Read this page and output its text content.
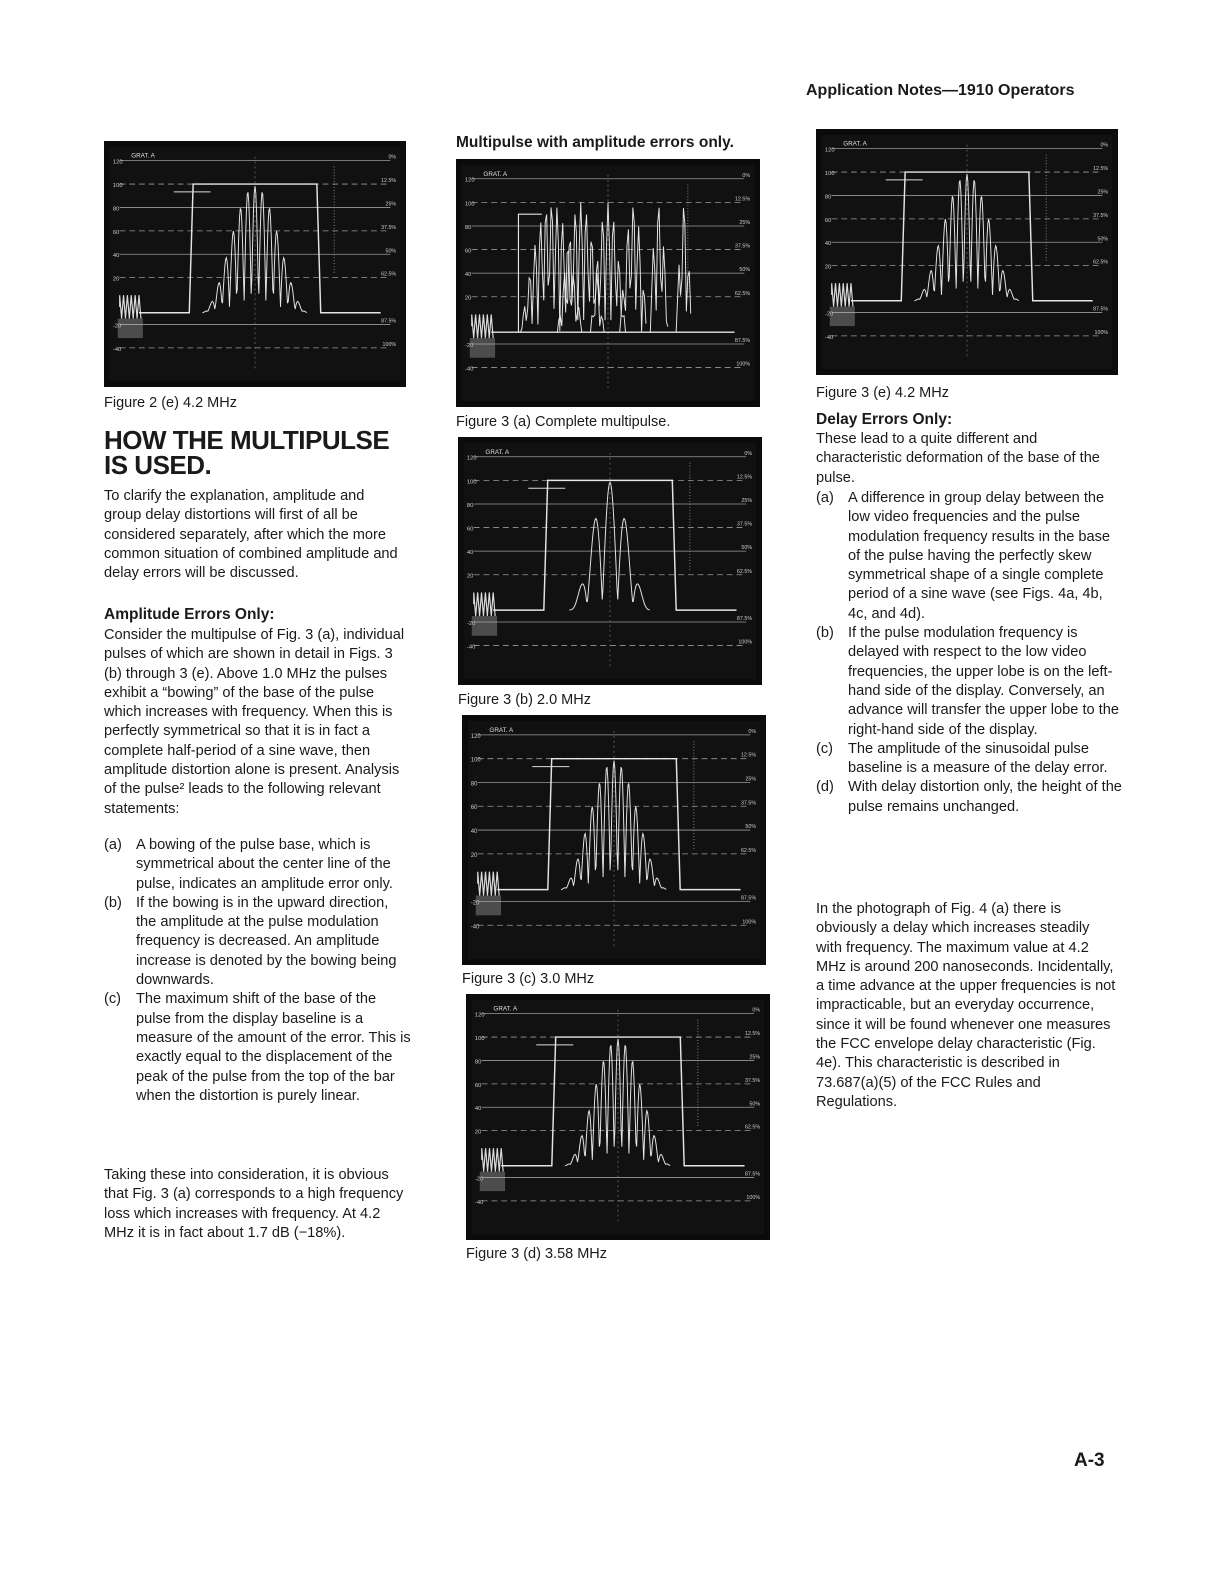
Application Notes—1910 Operators
120
0%
100
12.5%
80
25%
60
37.5%
40
50%
20
62.5%
-20
87.5%
-40
100%
GRAT. A
Figure 2 (e) 4.2 MHz
HOW THE MULTIPULSE IS USED.

To clarify the explanation, amplitude and group delay distortions will first of all be considered separately, after which the more common situation of combined amplitude and delay errors will be discussed.

Amplitude Errors Only:

Consider the multipulse of Fig. 3 (a), individual pulses of which are shown in detail in Figs. 3 (b) through 3 (e). Above 1.0 MHz the pulses exhibit a “bowing” of the base of the pulse which increases with frequency. When this is perfectly symmetrical so that it is in fact a complete half-period of a sine wave, then amplitude distortion alone is present. Analysis of the pulse² leads to the following relevant statements:

(a) A bowing of the pulse base, which is symmetrical about the center line of the pulse, indicates an amplitude error only.
(b) If the bowing is in the upward direction, the amplitude at the pulse modulation frequency is decreased. An amplitude increase is denoted by the bowing being downwards.
(c) The maximum shift of the base of the pulse from the display baseline is a measure of the amount of the error. This is exactly equal to the displacement of the peak of the pulse from the top of the bar when the distortion is purely linear.

Taking these into consideration, it is obvious that Fig. 3 (a) corresponds to a high frequency loss which increases with frequency. At 4.2 MHz it is in fact about 1.7 dB (−18%).

Multipulse with amplitude errors only.
120
0%
100
12.5%
80
25%
60
37.5%
40
50%
20
62.5%
-20
87.5%
-40
100%
GRAT. A
Figure 3 (a) Complete multipulse.
120
0%
100
12.5%
80
25%
60
37.5%
40
50%
20
62.5%
-20
87.5%
-40
100%
GRAT. A
Figure 3 (b) 2.0 MHz
120
0%
100
12.5%
80
25%
60
37.5%
40
50%
20
62.5%
-20
87.5%
-40
100%
GRAT. A
Figure 3 (c) 3.0 MHz
120
0%
100
12.5%
80
25%
60
37.5%
40
50%
20
62.5%
-20
87.5%
-40
100%
GRAT. A
Figure 3 (d) 3.58 MHz
120
0%
100
12.5%
80
25%
60
37.5%
40
50%
20
62.5%
-20
87.5%
-40
100%
GRAT. A
Figure 3 (e) 4.2 MHz
Delay Errors Only:

These lead to a quite different and characteristic deformation of the base of the pulse.

(a) A difference in group delay between the low video frequencies and the pulse modulation frequency results in the base of the pulse having the perfectly skew symmetrical shape of a single complete period of a sine wave (see Figs. 4a, 4b, 4c, and 4d).
(b) If the pulse modulation frequency is delayed with respect to the low video frequencies, the upper lobe is on the left-hand side of the display. Conversely, an advance will transfer the upper lobe to the right-hand side of the display.
(c) The amplitude of the sinusoidal pulse baseline is a measure of the delay error.
(d) With delay distortion only, the height of the pulse remains unchanged.

In the photograph of Fig. 4 (a) there is obviously a delay which increases steadily with frequency. The maximum value at 4.2 MHz is around 200 nanoseconds. Incidentally, a time advance at the upper frequencies is not impracticable, but an everyday occurrence, since it will be found whenever one measures the FCC envelope delay characteristic (Fig. 4e). This characteristic is described in 73.687(a)(5) of the FCC Rules and Regulations.

A-3
